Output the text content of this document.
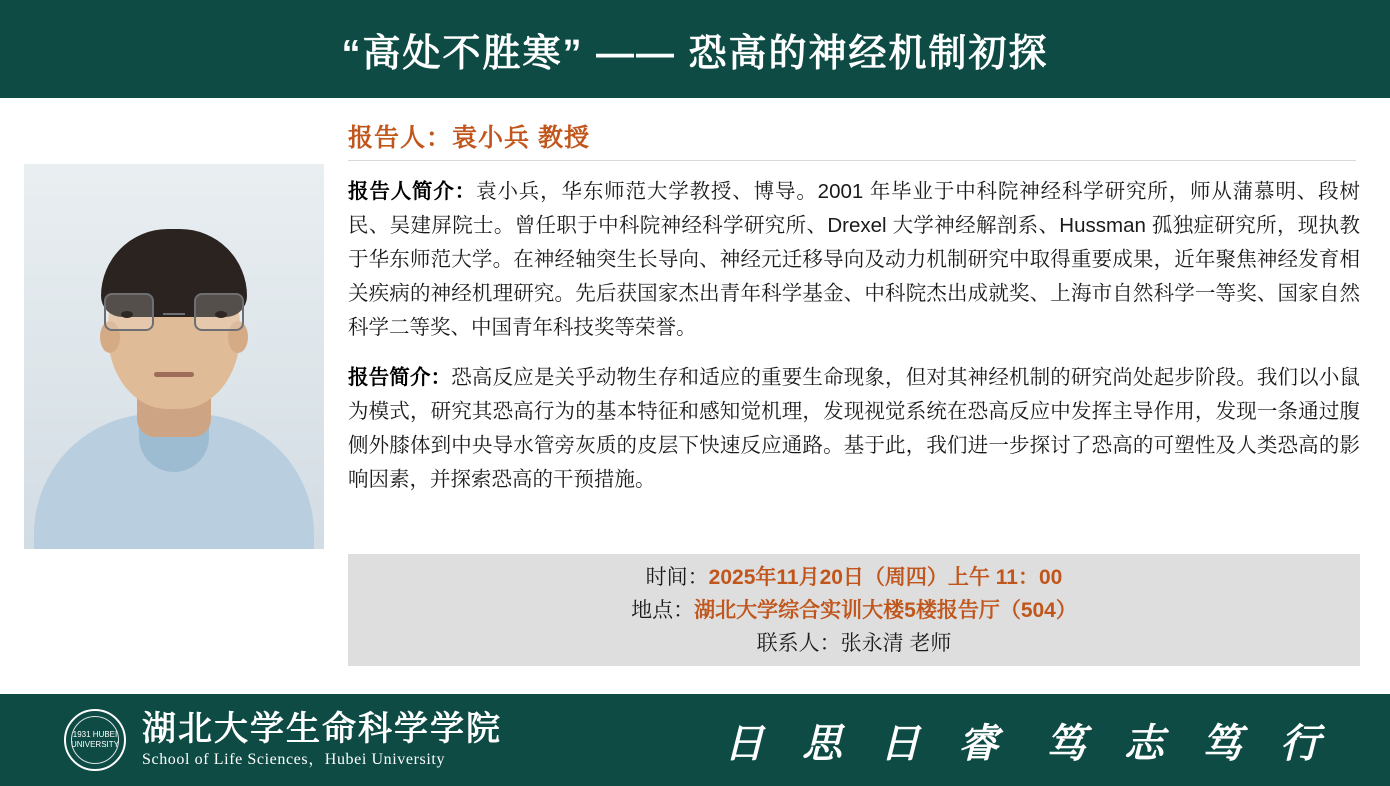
“高处不胜寒” —— 恐高的神经机制初探
报告人：袁小兵 教授

报告人简介：袁小兵，华东师范大学教授、博导。2001 年毕业于中科院神经科学研究所，师从蒲慕明、段树民、吴建屏院士。曾任职于中科院神经科学研究所、Drexel 大学神经解剖系、Hussman 孤独症研究所，现执教于华东师范大学。在神经轴突生长导向、神经元迁移导向及动力机制研究中取得重要成果，近年聚焦神经发育相关疾病的神经机理研究。先后获国家杰出青年科学基金、中科院杰出成就奖、上海市自然科学一等奖、国家自然科学二等奖、中国青年科技奖等荣誉。

报告简介：恐高反应是关乎动物生存和适应的重要生命现象，但对其神经机制的研究尚处起步阶段。我们以小鼠为模式，研究其恐高行为的基本特征和感知觉机理，发现视觉系统在恐高反应中发挥主导作用，发现一条通过腹侧外膝体到中央导水管旁灰质的皮层下快速反应通路。基于此，我们进一步探讨了恐高的可塑性及人类恐高的影响因素，并探索恐高的干预措施。

时间：2025年11月20日（周四）上午 11：00
地点：湖北大学综合实训大楼5楼报告厅（504）
联系人：张永清 老师
1931 HUBEI UNIVERSITY 湖北大学生命科学学院
School of Life Sciences，Hubei University	日 思 日 睿 笃 志 笃 行
